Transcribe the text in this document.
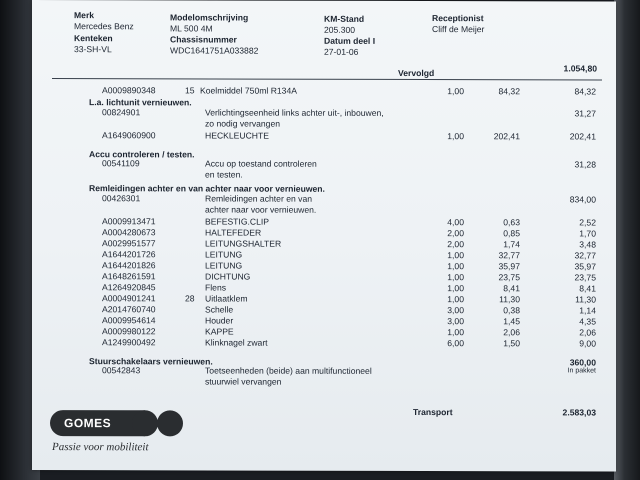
Merk
Mercedes Benz
Kenteken
33-SH-VL
Modelomschrijving
ML 500 4M
Chassisnummer
WDC1641751A033882
KM-Stand
205.300
Datum deel I
27-01-06
Receptionist
Cliff de Meijer
Vervolgd	1.054,80
A0009890348	15 Koelmiddel 750ml R134A	1,00	84,32	84,32
L.a. lichtunit vernieuwen.
00824901	Verlichtingseenheid links achter uit-, inbouwen,	31,27
zo nodig vervangen
A1649060900	HECKLEUCHTE	1,00	202,41	202,41
Accu controleren / testen.
00541109	Accu op toestand controleren	31,28
en testen.
Remleidingen achter en van achter naar voor vernieuwen.
00426301	Remleidingen achter en van	834,00
achter naar voor vernieuwen.
A0009913471	BEFESTIG.CLIP	4,00	0,63	2,52
A0004280673	HALTEFEDER	2,00	0,85	1,70
A0029951577	LEITUNGSHALTER	2,00	1,74	3,48
A1644201726	LEITUNG	1,00	32,77	32,77
A1644201826	LEITUNG	1,00	35,97	35,97
A1648261591	DICHTUNG	1,00	23,75	23,75
A1264920845	Flens	1,00	8,41	8,41
A0004901241	28 Uitlaatklem	1,00	11,30	11,30
A2014760740	Schelle	3,00	0,38	1,14
A0009954614	Houder	3,00	1,45	4,35
A0009980122	KAPPE	1,00	2,06	2,06
A1249900492	Klinknagel zwart	6,00	1,50	9,00
Stuurschakelaars vernieuwen.	360,00
00542843	Toetseenheden (beide) aan multifunctioneel	In pakket
stuurwiel vervangen
Transport	2.583,03
GOMES
Passie voor mobiliteit
